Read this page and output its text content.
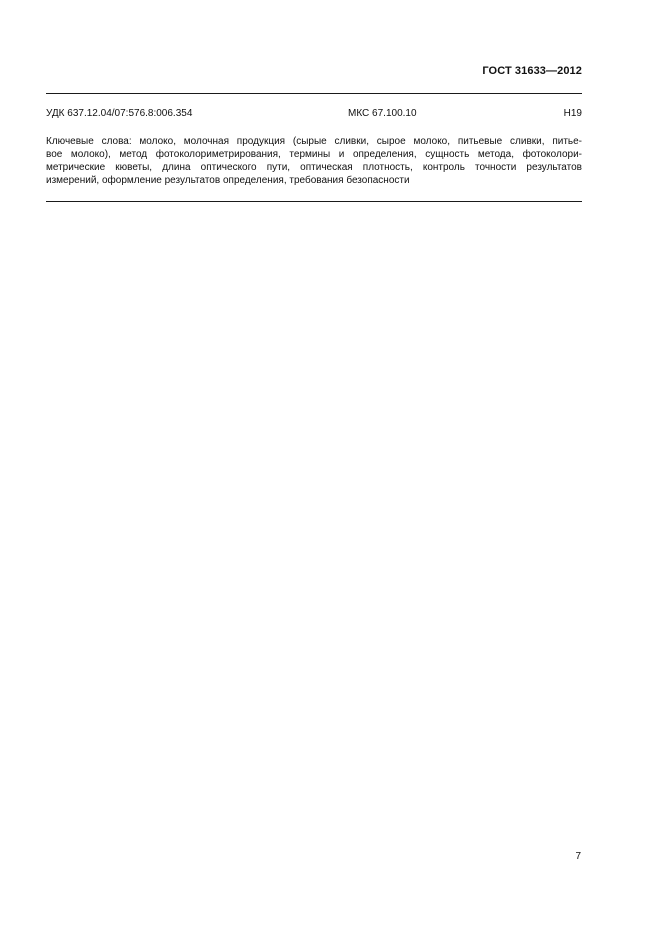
ГОСТ 31633—2012
УДК 637.12.04/07:576.8:006.354	МКС 67.100.10	Н19
Ключевые слова: молоко, молочная продукция (сырые сливки, сырое молоко, питьевые сливки, питье-
вое молоко), метод фотоколориметрирования, термины и определения, сущность метода, фотоколори-
метрические кюветы, длина оптического пути, оптическая плотность, контроль точности результатов
измерений, оформление результатов определения, требования безопасности
7
